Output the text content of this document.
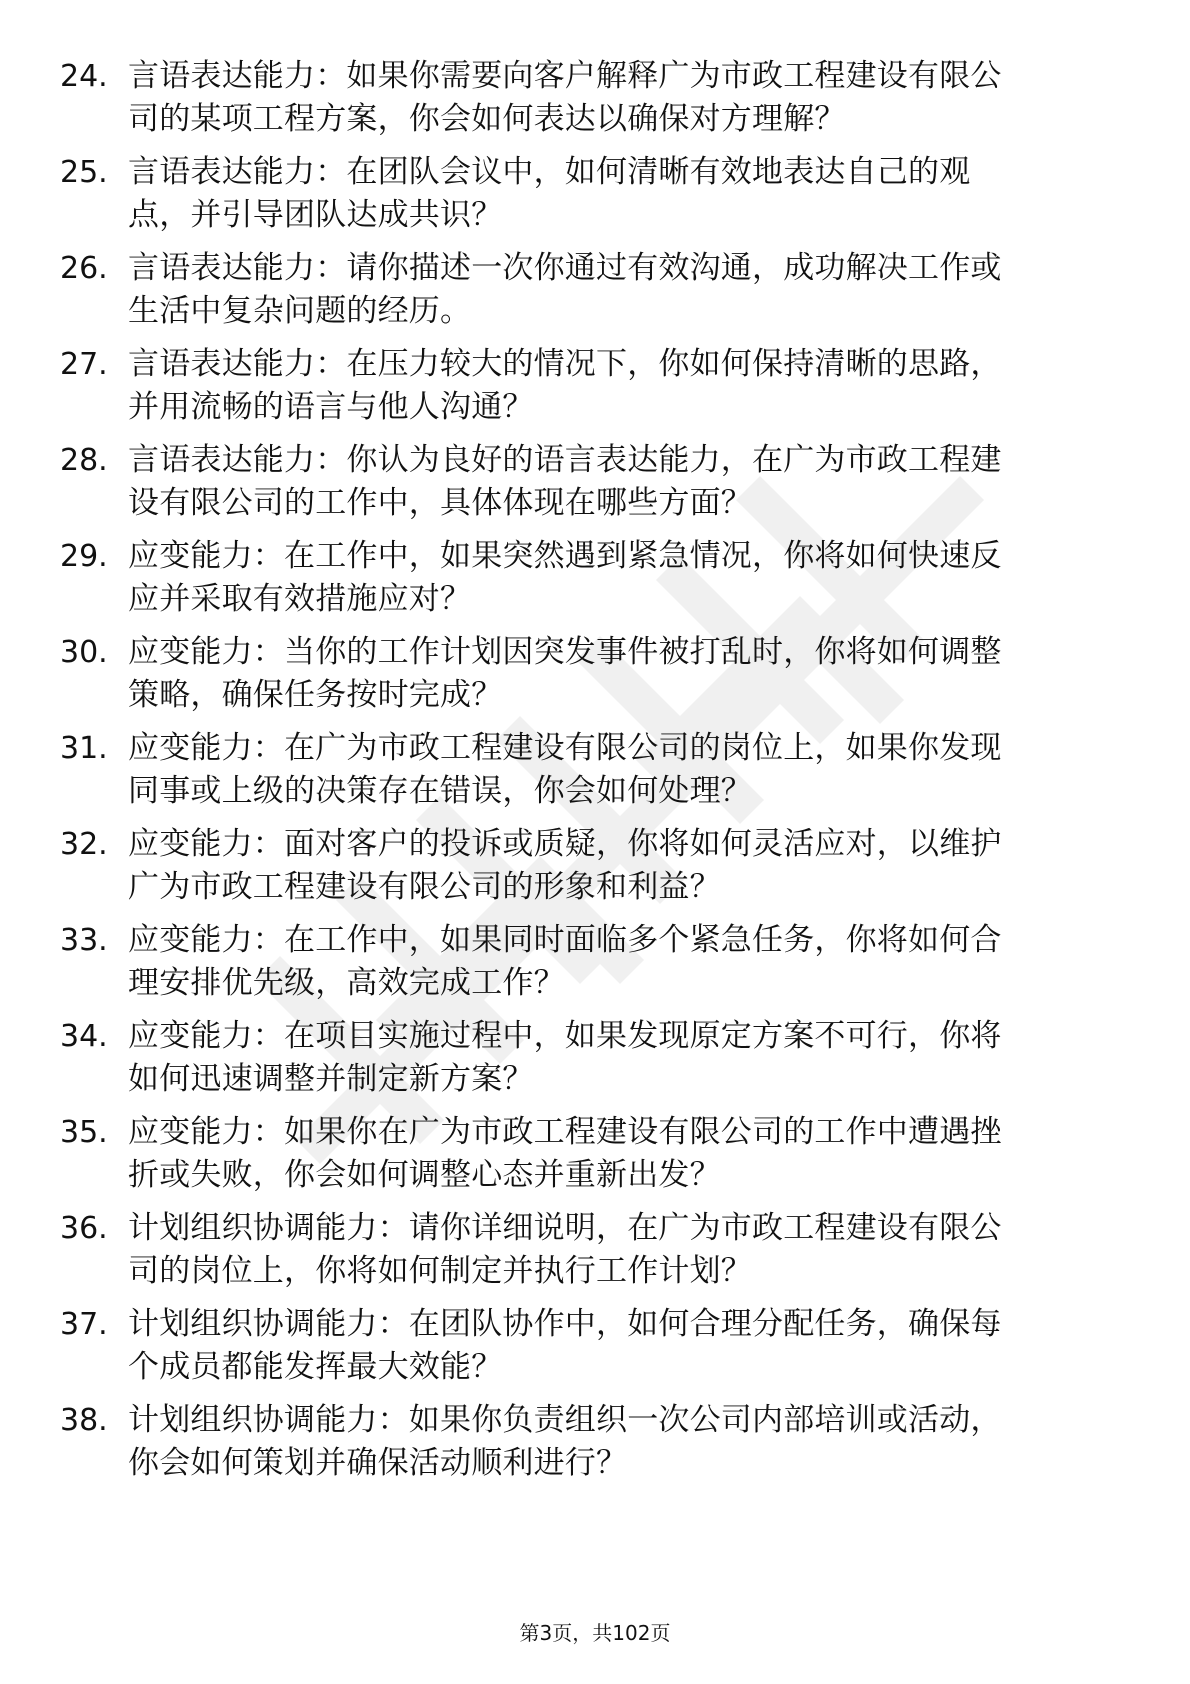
24. 言语表达能力：如果你需要向客户解释广为市政工程建设有限公
司的某项工程方案，你会如何表达以确保对方理解？
25. 言语表达能力：在团队会议中，如何清晰有效地表达自己的观
点，并引导团队达成共识？
26. 言语表达能力：请你描述一次你通过有效沟通，成功解决工作或
生活中复杂问题的经历。
27. 言语表达能力：在压力较大的情况下，你如何保持清晰的思路，
并用流畅的语言与他人沟通？
28. 言语表达能力：你认为良好的语言表达能力，在广为市政工程建
设有限公司的工作中，具体体现在哪些方面？
29. 应变能力：在工作中，如果突然遇到紧急情况，你将如何快速反
应并采取有效措施应对？
30. 应变能力：当你的工作计划因突发事件被打乱时，你将如何调整
策略，确保任务按时完成？
31. 应变能力：在广为市政工程建设有限公司的岗位上，如果你发现
同事或上级的决策存在错误，你会如何处理？
32. 应变能力：面对客户的投诉或质疑，你将如何灵活应对，以维护
广为市政工程建设有限公司的形象和利益？
33. 应变能力：在工作中，如果同时面临多个紧急任务，你将如何合
理安排优先级，高效完成工作？
34. 应变能力：在项目实施过程中，如果发现原定方案不可行，你将
如何迅速调整并制定新方案？
35. 应变能力：如果你在广为市政工程建设有限公司的工作中遭遇挫
折或失败，你会如何调整心态并重新出发？
36. 计划组织协调能力：请你详细说明，在广为市政工程建设有限公
司的岗位上，你将如何制定并执行工作计划？
37. 计划组织协调能力：在团队协作中，如何合理分配任务，确保每
个成员都能发挥最大效能？
38. 计划组织协调能力：如果你负责组织一次公司内部培训或活动，
你会如何策划并确保活动顺利进行？
第3页，共102页
